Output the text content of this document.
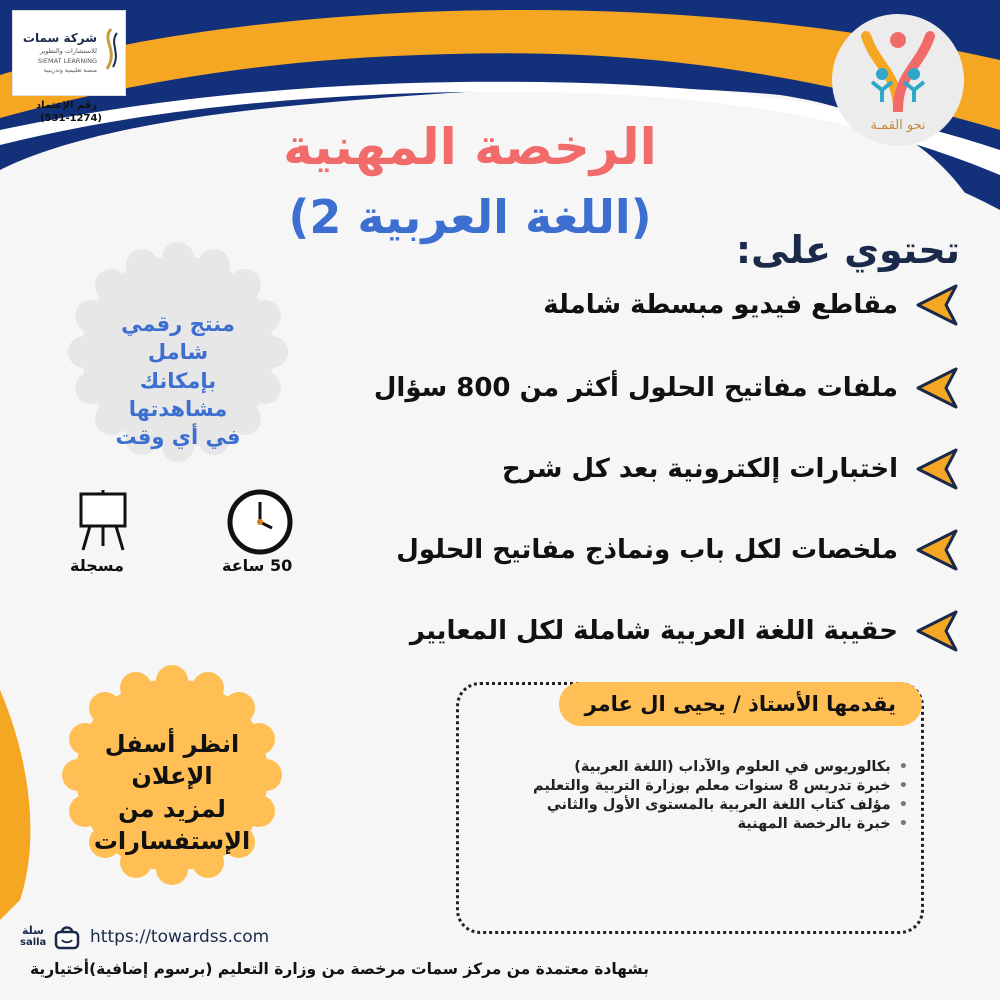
شركة سمات
للاستشارات والتطوير
SIEMAT LEARNING
منصة تعليمية وتدريبية
رقم الإعتماد
(531-1274)	نحو القمـة
الرخصة المهنية
(اللغة العربية 2)
تحتوي على:
مقاطع فيديو مبسطة شاملة
ملفات مفاتيح الحلول أكثر من 800 سؤال
اختبارات إلكترونية بعد كل شرح
ملخصات لكل باب ونماذج مفاتيح الحلول
حقيبة اللغة العربية شاملة لكل المعايير
منتج رقمي شامل
بإمكانك مشاهدتها
في أي وقت
مسجلة	50 ساعة
انظر أسفل الإعلان
لمزيد من
الإستفسارات
يقدمها الأستاذ / يحيى ال عامر
• بكالوريوس في العلوم والآداب (اللغة العربية)
• خبرة تدريس 8 سنوات معلم بوزارة التربية والتعليم
• مؤلف كتاب اللغة العربية بالمستوى الأول والثاني
• خبرة بالرخصة المهنية
سلة
salla	https://towardss.com
بشهادة معتمدة من مركز سمات مرخصة من وزارة التعليم (برسوم إضافية)أختيارية
